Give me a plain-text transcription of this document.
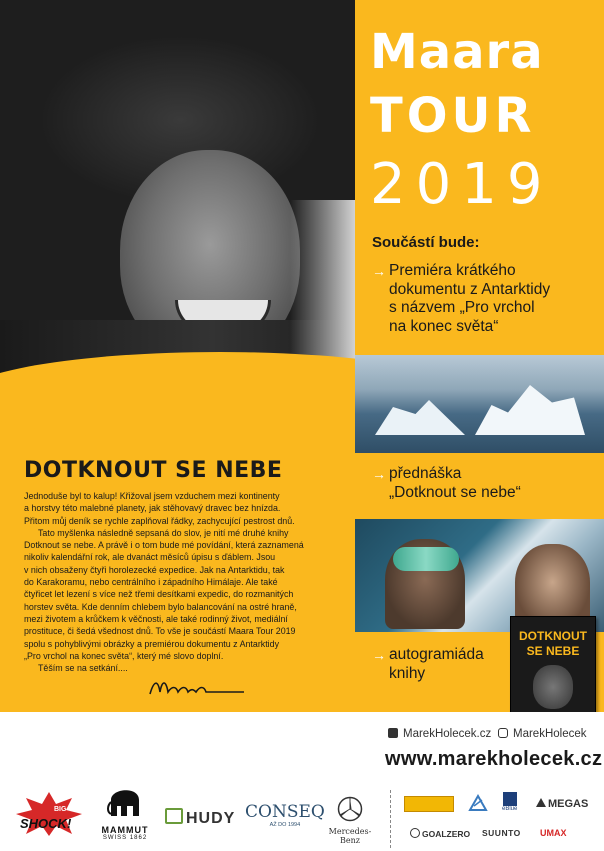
Maara
TOUR
2019
Součástí bude:
→ Premiéra krátkého
dokumentu z Antarktidy
s názvem „Pro vrchol
na konec světa“
→ přednáška
„Dotknout se nebe“
→ autogramiáda
knihy
DOTKNOUT
SE NEBE
DOTKNOUT SE NEBE
Jednoduše byl to kalup! Křižoval jsem vzduchem mezi kontinenty
a horstvy této malebné planety, jak stěhovavý dravec bez hnízda.
Přitom můj deník se rychle zaplňoval řádky, zachycující pestrost dnů.
Tato myšlenka následně sepsaná do slov, je nití mé druhé knihy
Dotknout se nebe. A právě i o tom bude mé povídání, která zaznamená
nikoliv kalendářní rok, ale dvanáct měsíců úpisu s ďáblem. Jsou
v nich obsaženy čtyři horolezecké expedice. Jak na Antarktidu, tak
do Karakoramu, nebo centrálního i západního Himálaje. Ale také
čtyřicet let lezení s více než třemi desítkami expedic, do rozmanitých
horstev světa. Kde denním chlebem bylo balancování na ostré hraně,
mezi životem a krůčkem k věčnosti, ale také rodinný život, mediální
prostituce, či šedá všednost dnů. To vše je součástí Maara Tour 2019
spolu s pohyblivými obrázky a premiérou dokumentu z Antarktidy
„Pro vrchol na konec světa“, který mé slovo doplní.
Těším se na setkání....
MarekHolecek.cz	MarekHolecek
www.marekholecek.cz
BIG
SHOCK!	MAMMUT
SWISS 1862
HUDY CONSEQ
AŽ DO 1994
Mercedes-Benz
eBlue	MEGAS
GOALZERO SUUNTO UMAX
